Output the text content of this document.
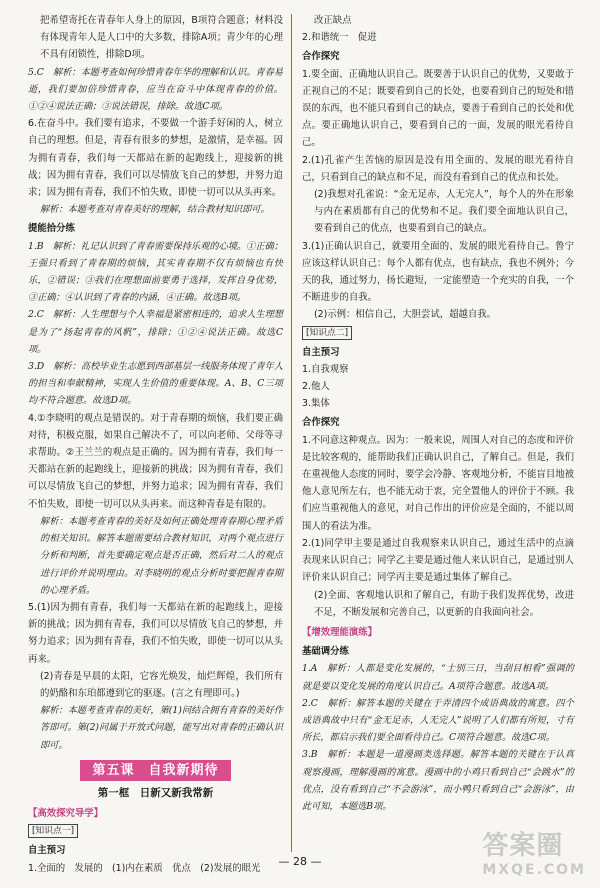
把希望寄托在青春年人身上的原因，B项符合题意；材料没有体现青年人是人口中的大多数，排除A项；青少年的心理不具有闭锁性，排除D项。

5.C　解析：本题考查如何珍惜青春年华的理解和认识。青春易逝，我们要加倍珍惜青春，应当在奋斗中体现青春的价值。①②④说法正确；③说法错误，排除。故选C项。

6.在奋斗中。我们要有追求，不要做一个游手好闲的人，树立自己的理想。但是，青春有很多的梦想，是激情，是幸福。因为拥有青春，我们每一天都站在新的起跑线上，迎接新的挑战；因为拥有青春，我们可以尽情放飞自己的梦想，并努力追求；因为拥有青春，我们不怕失败，即使一切可以从头再来。

解析：本题考查对青春美好的理解，结合教材知识即可。

提能拾分练

1.B　解析：礼记认识到了青春需要保持乐观的心境。①正确；王强只看到了青春期的烦恼，其实青春期不仅有烦恼也有快乐，②错误；③我们在理想面前要勇于选择，发挥自身优势，③正确；④认识到了青春的内涵，④正确。故选B项。

2.C　解析：人生理想与个人幸福是紧密相连的，追求人生理想是为了“扬起青春的风帆”，排除；①②④说法正确。故选C项。

3.D　解析：高校毕业生志愿到西部基层一线服务体现了青年人的担当和奉献精神，实现人生价值的重要体现。A、B、C三项均不符合题意。故选D项。

4.①李晓明的观点是错误的。对于青春期的烦恼，我们要正确对待，积极克服，如果自己解决不了，可以向老师、父母等寻求帮助。②王兰兰的观点是正确的。因为拥有青春，我们每一天都站在新的起跑线上，迎接新的挑战；因为拥有青春，我们可以尽情放飞自己的梦想，并努力追求；因为拥有青春，我们不怕失败，即使一切可以从头再来。而这种青春是有限的。

解析：本题考查青春的美好及如何正确处理青春期心理矛盾的相关知识。解答本题需要结合教材知识，对两个观点进行分析和判断，首先要确定观点是否正确，然后对二人的观点进行评价并说明理由。对李晓明的观点分析时要把握青春期的心理矛盾。

5.(1)因为拥有青春，我们每一天都站在新的起跑线上，迎接新的挑战；因为拥有青春，我们可以尽情放飞自己的梦想，并努力追求；因为拥有青春，我们不怕失败，即使一切可以从头再来。

(2)青春是早晨的太阳，它容光焕发，灿烂辉煌，我们所有的奶酪和东珀都遵到它的驱逐。(言之有理即可。)

解析：本题考查青春的美好，第(1)问结合拥有青春的美好作答即可。第(2)问属于开放式问题，能写出对青春的正确认识即可。

第五课　自我新期待
第一框　日新又新我常新
【高效探究导学】
[知识点一]

自主预习

1.全面的　发展的　(1)内在素质　优点　(2)发展的眼光

改正缺点

2.和谐统一　促进

合作探究

1.要全面、正确地认识自己。既要善于认识自己的优势，又要敢于正视自己的不足；既要看到自己的长处，也要看到自己的短处和错误的东西，也不能只看到自己的缺点，要善于看到自己的长处和优点。要正确地认识自己，要看到自己的一面，发展的眼光看待自己。

2.(1)孔雀产生苦恼的原因是没有用全面的、发展的眼光看待自己，只看到自己的缺点和不足，而没有看到自己的优点和长处。

(2)我想对孔雀说：“金无足赤，人无完人”，每个人的外在形象与内在素质都有自己的优势和不足。我们要全面地认识自己，要看到自己的优点，也要看到自己的缺点。

3.(1)正确认识自己，就要用全面的、发展的眼光看待自己。鲁宁应该这样认识自己：每个人都有优点，也有缺点，我也不例外；今天的我，通过努力，扬长避短，一定能塑造一个充实的自我，一个不断进步的自我。

(2)示例：相信自己，大胆尝试，超越自我。

[知识点二]

自主预习

1.自我观察

2.他人

3.集体

合作探究

1.不同意这种观点。因为：一般来说，周围人对自己的态度和评价是比较客观的，能帮助我们正确认识自己，了解自己。但是，我们在重视他人态度的同时，要学会冷静、客观地分析，不能盲目地被他人意见所左右，也不能无动于衷，完全置他人的评价于不顾。我们应当重视他人的意见，对自己作出的评价应是全面的，不能以周围人的看法为准。

2.(1)同学甲主要是通过自我观察来认识自己，通过生活中的点滴表现来认识自己；同学乙主要是通过他人来认识自己，是通过别人评价来认识自己；同学丙主要是通过集体了解自己。

(2)全面、客观地认识和了解自己，有助于我们发挥优势，改进不足，不断发展和完善自己，以更新的自我面向社会。

【增效理能演练】

基础调分练

1.A　解析：人都是变化发展的，“士别三日，当刮目相看”强调的就是要以变化发展的角度认识自己。A项符合题意。故选A项。

2.C　解析：解答本题的关键在于弄清四个成语典故的寓意。四个成语典故中只有“金无足赤，人无完人”说明了人们都有所短，寸有所长，都启示我们要全面看待自己。C项符合题意。故选C项。

3.B　解析：本题是一道漫画类选择题。解答本题的关键在于认真观察漫画，理解漫画的寓意。漫画中的小鸡只看到自己“会跳水”的优点，没有看到自己“不会游泳”，而小鸭只看到自己“会游泳”，由此可知，本题选B项。

— 28 —
答案圈
MXQE.COM
